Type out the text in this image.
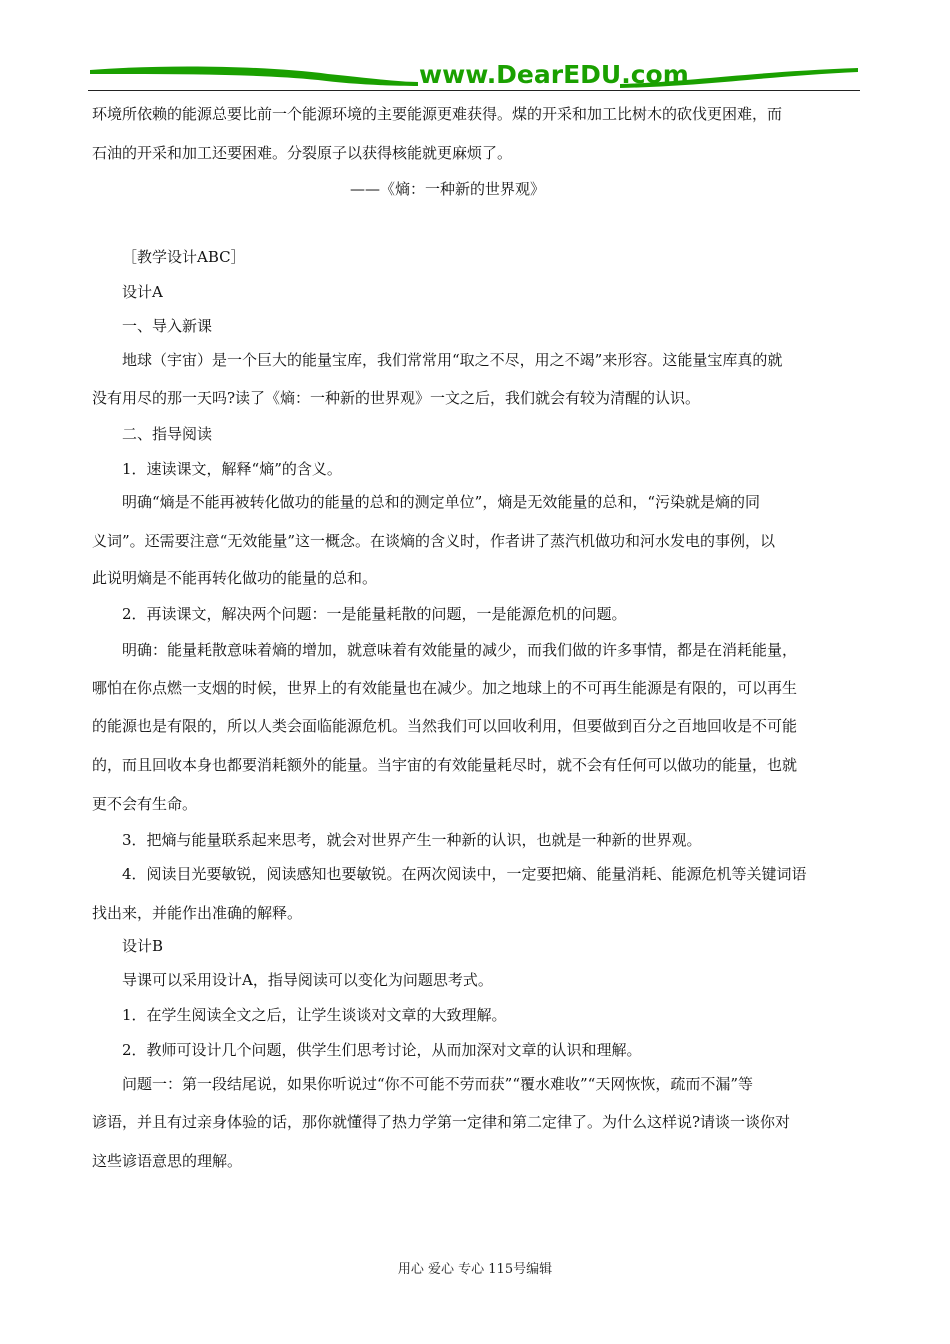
www.DearEDU.com
环境所依赖的能源总要比前一个能源环境的主要能源更难获得。煤的开采和加工比树木的砍伐更困难，而
石油的开采和加工还要困难。分裂原子以获得核能就更麻烦了。
——《熵：一种新的世界观》
［教学设计ABC］
设计A
一、导入新课
地球（宇宙）是一个巨大的能量宝库，我们常常用“取之不尽，用之不竭”来形容。这能量宝库真的就
没有用尽的那一天吗?读了《熵：一种新的世界观》一文之后，我们就会有较为清醒的认识。
二、指导阅读
1．速读课文，解释“熵”的含义。
明确“熵是不能再被转化做功的能量的总和的测定单位”，熵是无效能量的总和，“污染就是熵的同
义词”。还需要注意“无效能量”这一概念。在谈熵的含义时，作者讲了蒸汽机做功和河水发电的事例，以
此说明熵是不能再转化做功的能量的总和。
2．再读课文，解决两个问题：一是能量耗散的问题，一是能源危机的问题。
明确：能量耗散意味着熵的增加，就意味着有效能量的减少，而我们做的许多事情，都是在消耗能量，
哪怕在你点燃一支烟的时候，世界上的有效能量也在减少。加之地球上的不可再生能源是有限的，可以再生
的能源也是有限的，所以人类会面临能源危机。当然我们可以回收利用，但要做到百分之百地回收是不可能
的，而且回收本身也都要消耗额外的能量。当宇宙的有效能量耗尽时，就不会有任何可以做功的能量，也就
更不会有生命。
3．把熵与能量联系起来思考，就会对世界产生一种新的认识，也就是一种新的世界观。
4．阅读目光要敏锐，阅读感知也要敏锐。在两次阅读中，一定要把熵、能量消耗、能源危机等关键词语
找出来，并能作出准确的解释。
设计B
导课可以采用设计A，指导阅读可以变化为问题思考式。
1．在学生阅读全文之后，让学生谈谈对文章的大致理解。
2．教师可设计几个问题，供学生们思考讨论，从而加深对文章的认识和理解。
问题一：第一段结尾说，如果你听说过“你不可能不劳而获”“覆水难收”“天网恢恢，疏而不漏”等
谚语，并且有过亲身体验的话，那你就懂得了热力学第一定律和第二定律了。为什么这样说?请谈一谈你对
这些谚语意思的理解。
用心 爱心 专心 115号编辑
